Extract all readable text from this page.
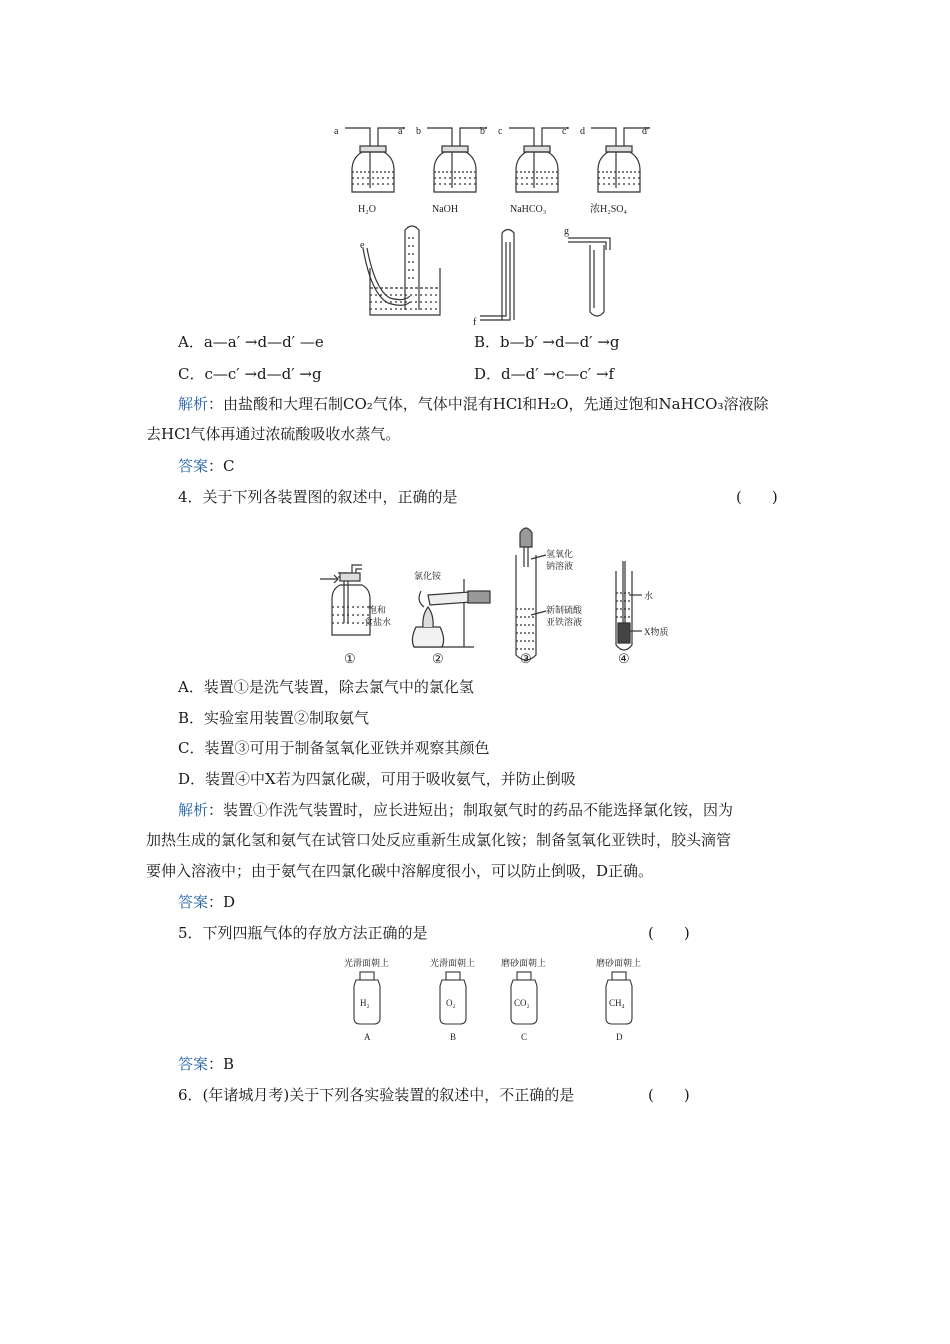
a	a′ b	b′ c	c′ d	d′
H₂O	NaOH	NaHCO₃	浓H₂SO₄
e
f
g
A．a—a′ →d—d′ —e	B．b—b′ →d—d′ →g
C．c—c′ →d—d′ →g	D．d—d′ →c—c′ →f
解析：由盐酸和大理石制CO₂气体，气体中混有HCl和H₂O，先通过饱和NaHCO₃溶液除
去HCl气体再通过浓硫酸吸收水蒸气。
答案：C
4．关于下列各装置图的叙述中，正确的是	(　　)
饱和
食盐水
氯化铵
氢氧化
钠溶液
新制硫酸
亚铁溶液
水
X物质
①	②	③	④
A．装置①是洗气装置，除去氯气中的氯化氢
B．实验室用装置②制取氨气
C．装置③可用于制备氢氧化亚铁并观察其颜色
D．装置④中X若为四氯化碳，可用于吸收氨气，并防止倒吸
解析：装置①作洗气装置时，应长进短出；制取氨气时的药品不能选择氯化铵，因为
加热生成的氯化氢和氨气在试管口处反应重新生成氯化铵；制备氢氧化亚铁时，胶头滴管
要伸入溶液中；由于氨气在四氯化碳中溶解度很小，可以防止倒吸，D正确。
答案：D
5．下列四瓶气体的存放方法正确的是	(　　)
光滑面朝上	光滑面朝上	磨砂面朝上	磨砂面朝上
H₂	O₂	CO₂	CH₄
A	B	C	D
答案：B
6．(年诸城月考)关于下列各实验装置的叙述中，不正确的是	(　　)
